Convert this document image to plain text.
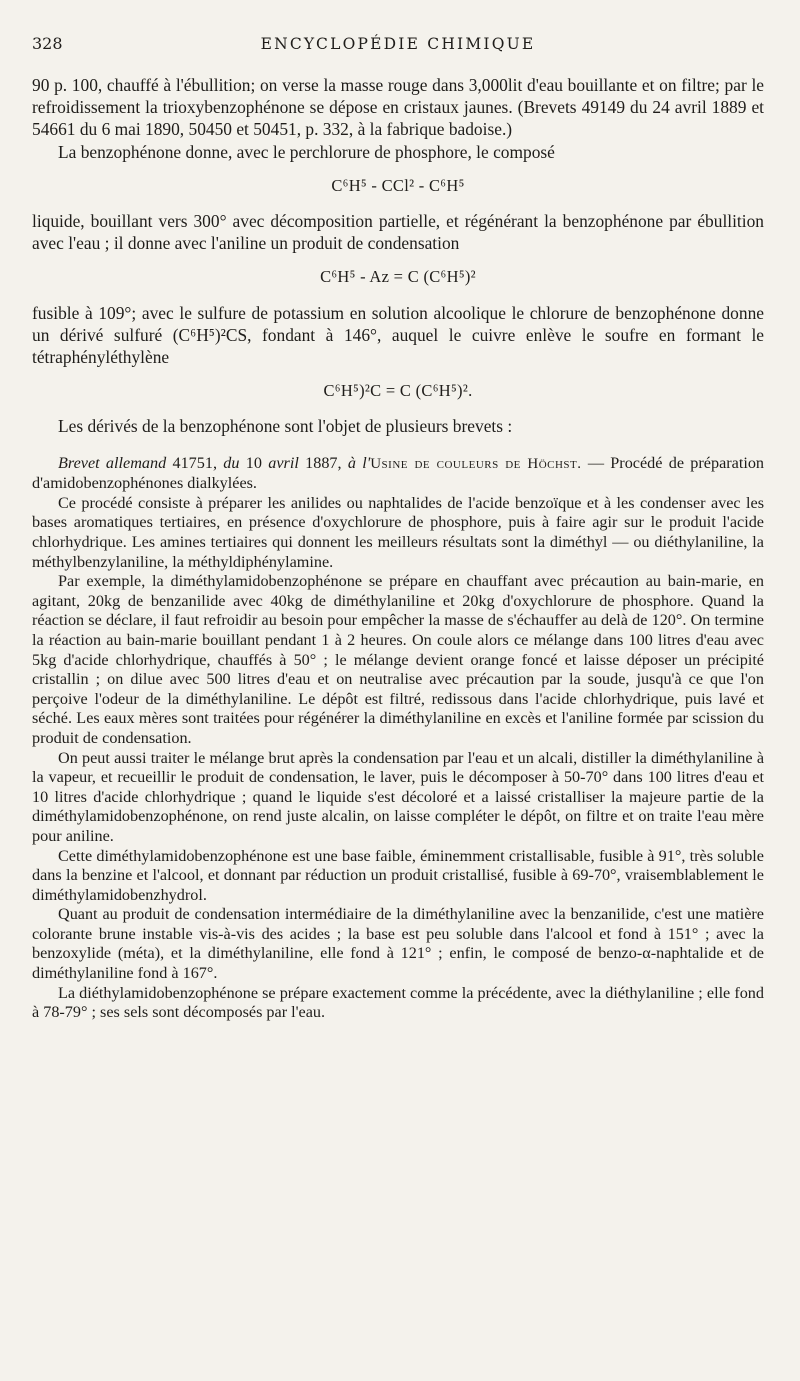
328	ENCYCLOPÉDIE CHIMIQUE

90 p. 100, chauffé à l'ébullition; on verse la masse rouge dans 3,000lit d'eau bouillante et on filtre; par le refroidissement la trioxybenzophénone se dépose en cristaux jaunes. (Brevets 49149 du 24 avril 1889 et 54661 du 6 mai 1890, 50450 et 50451, p. 332, à la fabrique badoise.)

La benzophénone donne, avec le perchlorure de phosphore, le composé

C⁶H⁵ - CCl² - C⁶H⁵

liquide, bouillant vers 300° avec décomposition partielle, et régénérant la benzophénone par ébullition avec l'eau ; il donne avec l'aniline un produit de condensation

C⁶H⁵ - Az = C (C⁶H⁵)²

fusible à 109°; avec le sulfure de potassium en solution alcoolique le chlorure de benzophénone donne un dérivé sulfuré (C⁶H⁵)²CS, fondant à 146°, auquel le cuivre enlève le soufre en formant le tétraphényléthylène

C⁶H⁵)²C = C (C⁶H⁵)².

Les dérivés de la benzophénone sont l'objet de plusieurs brevets :

Brevet allemand 41751, du 10 avril 1887, à l'Usine de couleurs de Höchst. — Procédé de préparation d'amidobenzophénones dialkylées.

Ce procédé consiste à préparer les anilides ou naphtalides de l'acide benzoïque et à les condenser avec les bases aromatiques tertiaires, en présence d'oxychlorure de phosphore, puis à faire agir sur le produit l'acide chlorhydrique. Les amines tertiaires qui donnent les meilleurs résultats sont la diméthyl — ou diéthylaniline, la méthylbenzylaniline, la méthyldiphénylamine.

Par exemple, la diméthylamidobenzophénone se prépare en chauffant avec précaution au bain-marie, en agitant, 20kg de benzanilide avec 40kg de diméthylaniline et 20kg d'oxychlorure de phosphore. Quand la réaction se déclare, il faut refroidir au besoin pour empêcher la masse de s'échauffer au delà de 120°. On termine la réaction au bain-marie bouillant pendant 1 à 2 heures. On coule alors ce mélange dans 100 litres d'eau avec 5kg d'acide chlorhydrique, chauffés à 50° ; le mélange devient orange foncé et laisse déposer un précipité cristallin ; on dilue avec 500 litres d'eau et on neutralise avec précaution par la soude, jusqu'à ce que l'on perçoive l'odeur de la diméthylaniline. Le dépôt est filtré, redissous dans l'acide chlorhydrique, puis lavé et séché. Les eaux mères sont traitées pour régénérer la diméthylaniline en excès et l'aniline formée par scission du produit de condensation.

On peut aussi traiter le mélange brut après la condensation par l'eau et un alcali, distiller la diméthylaniline à la vapeur, et recueillir le produit de condensation, le laver, puis le décomposer à 50-70° dans 100 litres d'eau et 10 litres d'acide chlorhydrique ; quand le liquide s'est décoloré et a laissé cristalliser la majeure partie de la diméthylamidobenzophénone, on rend juste alcalin, on laisse compléter le dépôt, on filtre et on traite l'eau mère pour aniline.

Cette diméthylamidobenzophénone est une base faible, éminemment cristallisable, fusible à 91°, très soluble dans la benzine et l'alcool, et donnant par réduction un produit cristallisé, fusible à 69-70°, vraisemblablement le diméthylamidobenzhydrol.

Quant au produit de condensation intermédiaire de la diméthylaniline avec la benzanilide, c'est une matière colorante brune instable vis-à-vis des acides ; la base est peu soluble dans l'alcool et fond à 151° ; avec la benzoxylide (méta), et la diméthylaniline, elle fond à 121° ; enfin, le composé de benzo-α-naphtalide et de diméthylaniline fond à 167°.

La diéthylamidobenzophénone se prépare exactement comme la précédente, avec la diéthylaniline ; elle fond à 78-79° ; ses sels sont décomposés par l'eau.
